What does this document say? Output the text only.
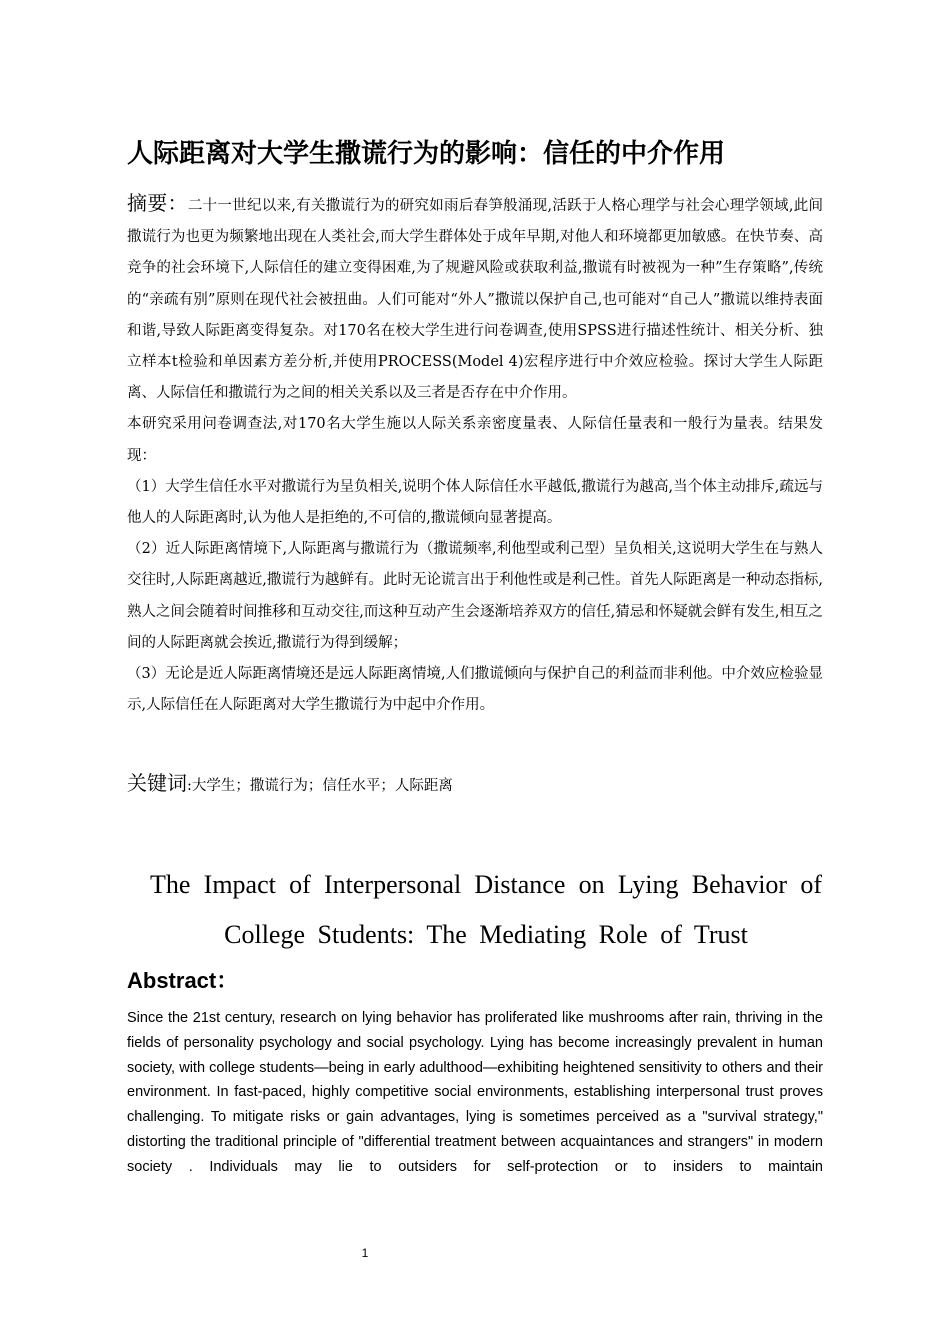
人际距离对大学生撒谎行为的影响：信任的中介作用

摘要：二十一世纪以来,有关撒谎行为的研究如雨后春笋般涌现,活跃于人格心理学与社会心理学领域,此间撒谎行为也更为频繁地出现在人类社会,而大学生群体处于成年早期,对他人和环境都更加敏感。在快节奏、高竞争的社会环境下,人际信任的建立变得困难,为了规避风险或获取利益,撒谎有时被视为一种”生存策略”,传统的“亲疏有别”原则在现代社会被扭曲。人们可能对“外人”撒谎以保护自己,也可能对“自己人”撒谎以维持表面和谐,导致人际距离变得复杂。对170名在校大学生进行问卷调查,使用SPSS进行描述性统计、相关分析、独立样本t检验和单因素方差分析,并使用PROCESS(Model 4)宏程序进行中介效应检验。探讨大学生人际距离、人际信任和撒谎行为之间的相关关系以及三者是否存在中介作用。

本研究采用问卷调查法,对170名大学生施以人际关系亲密度量表、人际信任量表和一般行为量表。结果发现：

（1）大学生信任水平对撒谎行为呈负相关,说明个体人际信任水平越低,撒谎行为越高,当个体主动排斥,疏远与他人的人际距离时,认为他人是拒绝的,不可信的,撒谎倾向显著提高。

（2）近人际距离情境下,人际距离与撒谎行为（撒谎频率,利他型或利己型）呈负相关,这说明大学生在与熟人交往时,人际距离越近,撒谎行为越鲜有。此时无论谎言出于利他性或是利己性。首先人际距离是一种动态指标,熟人之间会随着时间推移和互动交往,而这种互动产生会逐渐培养双方的信任,猜忌和怀疑就会鲜有发生,相互之间的人际距离就会挨近,撒谎行为得到缓解；

（3）无论是近人际距离情境还是远人际距离情境,人们撒谎倾向与保护自己的利益而非利他。中介效应检验显示,人际信任在人际距离对大学生撒谎行为中起中介作用。

关键词:大学生；撒谎行为；信任水平；人际距离
The Impact of Interpersonal Distance on Lying Behavior of
College Students: The Mediating Role of Trust
Abstract：
Since the 21st century, research on lying behavior has proliferated like mushrooms after rain, thriving in the fields of personality psychology and social psychology. Lying has become increasingly prevalent in human society, with college students—being in early adulthood—exhibiting heightened sensitivity to others and their environment. In fast-paced, highly competitive social environments, establishing interpersonal trust proves challenging. To mitigate risks or gain advantages, lying is sometimes perceived as a "survival strategy," distorting the traditional principle of "differential treatment between acquaintances and strangers" in modern society . Individuals may lie to outsiders for self-protection or to insiders to maintain
1
